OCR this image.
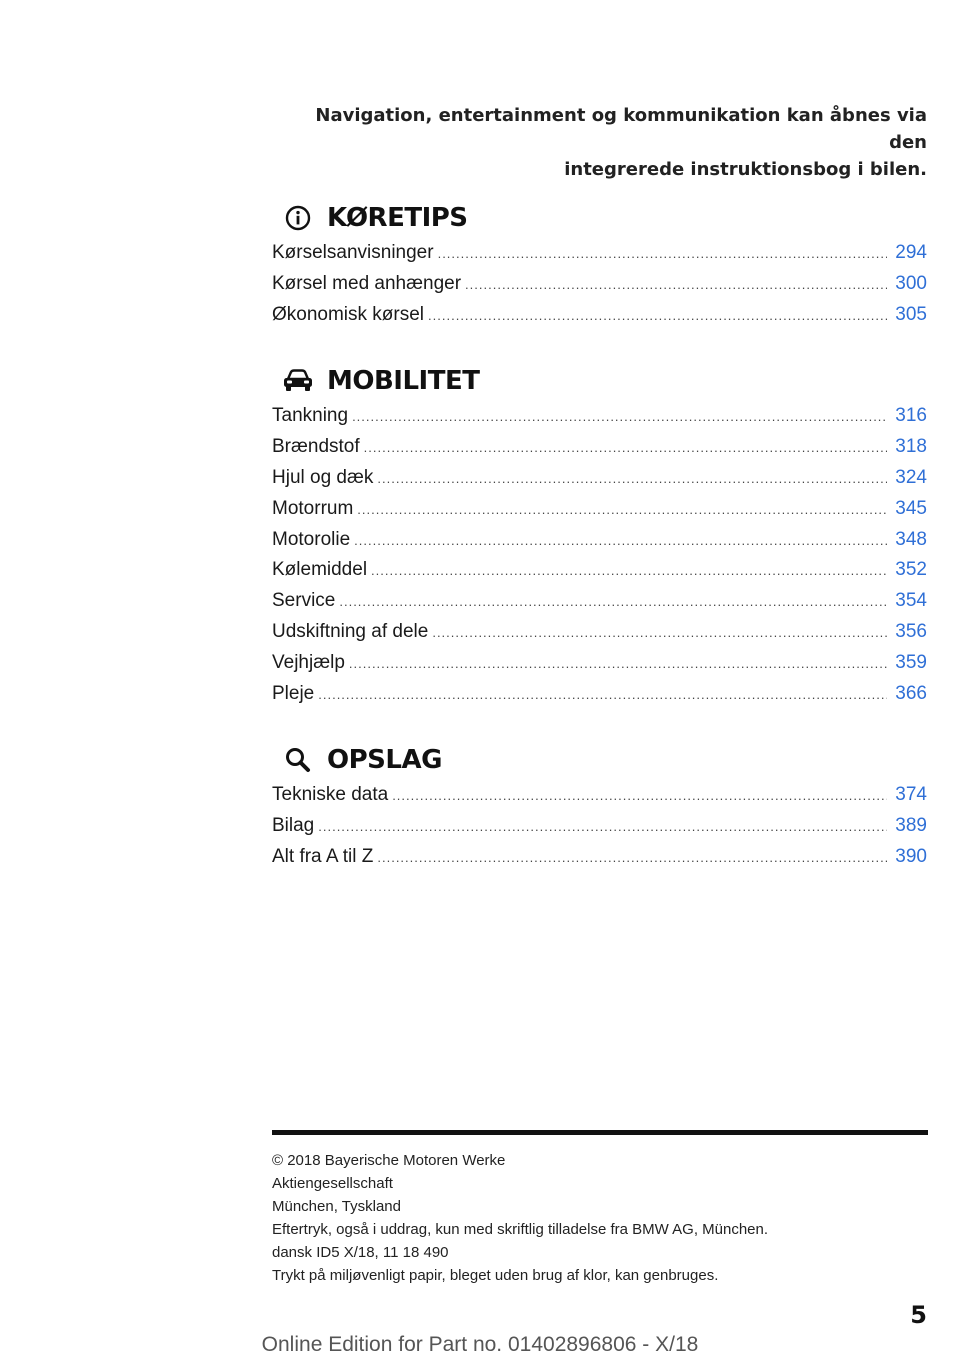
Navigation, entertainment og kommunikation kan åbnes via den
integrerede instruktionsbog i bilen.
KØRETIPS
Kørselsanvisninger .....	294
Kørsel med anhænger .....	300
Økonomisk kørsel .....	305
MOBILITET
Tankning .....	316
Brændstof .....	318
Hjul og dæk .....	324
Motorrum .....	345
Motorolie .....	348
Kølemiddel .....	352
Service .....	354
Udskiftning af dele .....	356
Vejhjælp .....	359
Pleje .....	366
OPSLAG
Tekniske data .....	374
Bilag .....	389
Alt fra A til Z .....	390
© 2018 Bayerische Motoren Werke
Aktiengesellschaft
München, Tyskland
Eftertryk, også i uddrag, kun med skriftlig tilladelse fra BMW AG, München.
dansk ID5 X/18, 11 18 490
Trykt på miljøvenligt papir, bleget uden brug af klor, kan genbruges.
5
Online Edition for Part no. 01402896806 - X/18
